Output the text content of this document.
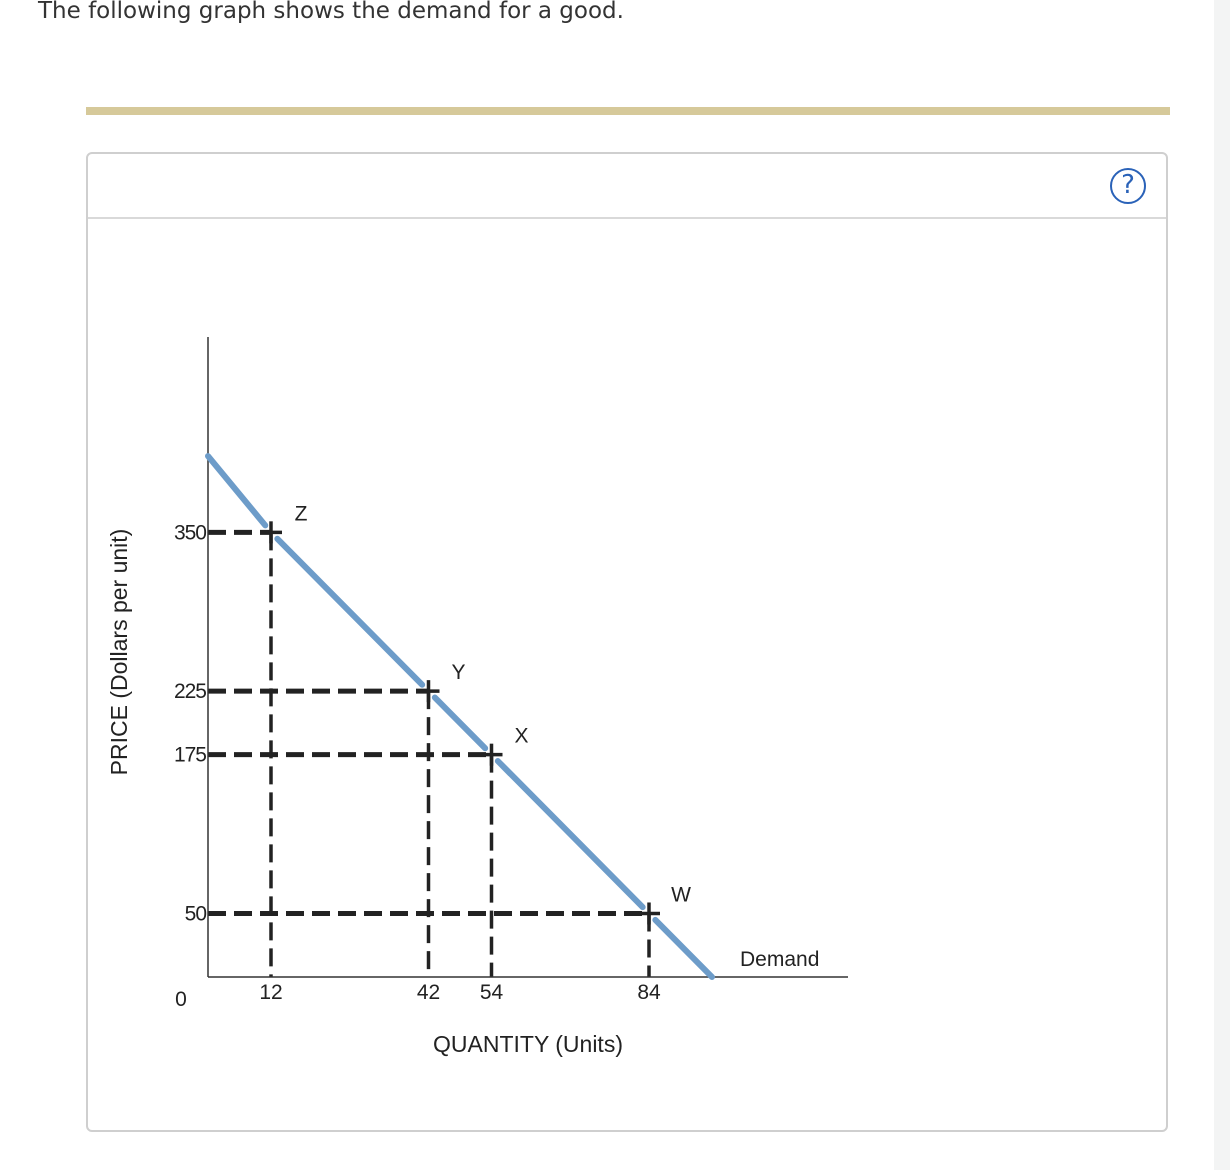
The following graph shows the demand for a good.
?
50
175
225
350
12	42 54	84
Z
Y
X
W
0
QUANTITY (Units)
PRICE (Dollars per unit)
Demand
